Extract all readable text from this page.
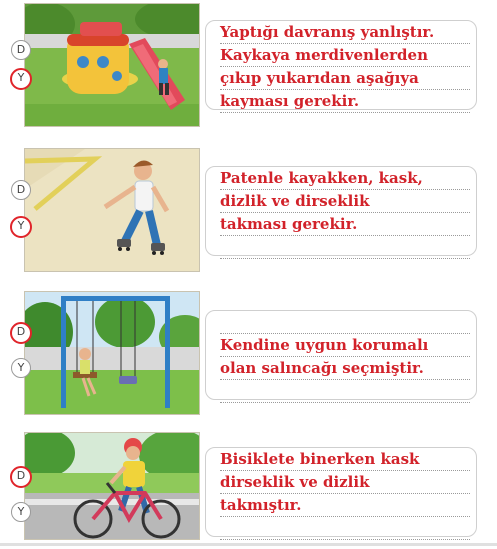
D
Y
Yaptığı davranış yanlıştır.
Kaykaya merdivenlerden
çıkıp yukarıdan aşağıya
kayması gerekir.
D
Y
Patenle kayakken, kask,
dizlik ve dirseklik
takması gerekir.
D
Y
Kendine uygun korumalı
olan salıncağı seçmiştir.
D
Y
Bisiklete binerken kask
dirseklik ve dizlik
takmıştır.
